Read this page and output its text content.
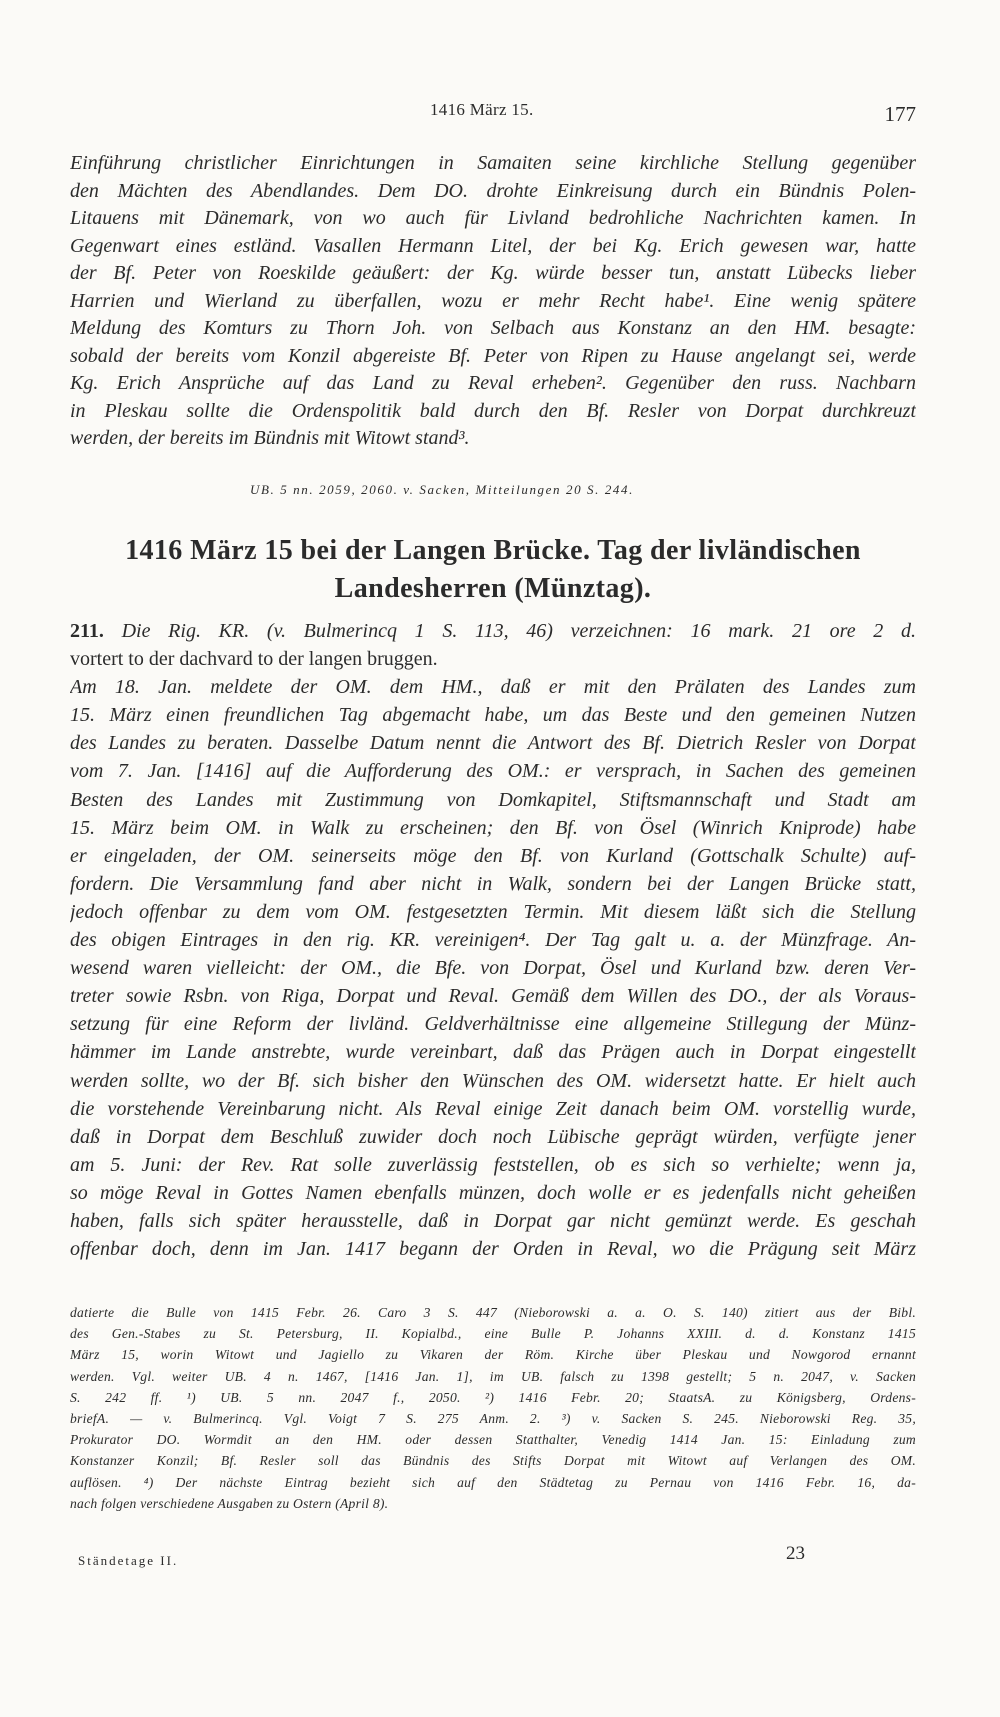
1416 März 15.	177
Einführung christlicher Einrichtungen in Samaiten seine kirchliche Stellung gegenüber
den Mächten des Abendlandes. Dem DO. drohte Einkreisung durch ein Bündnis Polen-
Litauens mit Dänemark, von wo auch für Livland bedrohliche Nachrichten kamen. In
Gegenwart eines estländ. Vasallen Hermann Litel, der bei Kg. Erich gewesen war, hatte
der Bf. Peter von Roeskilde geäußert: der Kg. würde besser tun, anstatt Lübecks lieber
Harrien und Wierland zu überfallen, wozu er mehr Recht habe¹. Eine wenig spätere
Meldung des Komturs zu Thorn Joh. von Selbach aus Konstanz an den HM. besagte:
sobald der bereits vom Konzil abgereiste Bf. Peter von Ripen zu Hause angelangt sei, werde
Kg. Erich Ansprüche auf das Land zu Reval erheben². Gegenüber den russ. Nachbarn
in Pleskau sollte die Ordenspolitik bald durch den Bf. Resler von Dorpat durchkreuzt
werden, der bereits im Bündnis mit Witowt stand³.
UB. 5 nn. 2059, 2060. v. Sacken, Mitteilungen 20 S. 244.
1416 März 15 bei der Langen Brücke. Tag der livländischen
Landesherren (Münztag).
211. Die Rig. KR. (v. Bulmerincq 1 S. 113, 46) verzeichnen: 16 mark. 21 ore 2 d.
vortert to der dachvard to der langen bruggen.
Am 18. Jan. meldete der OM. dem HM., daß er mit den Prälaten des Landes zum
15. März einen freundlichen Tag abgemacht habe, um das Beste und den gemeinen Nutzen
des Landes zu beraten. Dasselbe Datum nennt die Antwort des Bf. Dietrich Resler von Dorpat
vom 7. Jan. [1416] auf die Aufforderung des OM.: er versprach, in Sachen des gemeinen
Besten des Landes mit Zustimmung von Domkapitel, Stiftsmannschaft und Stadt am
15. März beim OM. in Walk zu erscheinen; den Bf. von Ösel (Winrich Kniprode) habe
er eingeladen, der OM. seinerseits möge den Bf. von Kurland (Gottschalk Schulte) auf-
fordern. Die Versammlung fand aber nicht in Walk, sondern bei der Langen Brücke statt,
jedoch offenbar zu dem vom OM. festgesetzten Termin. Mit diesem läßt sich die Stellung
des obigen Eintrages in den rig. KR. vereinigen⁴. Der Tag galt u. a. der Münzfrage. An-
wesend waren vielleicht: der OM., die Bfe. von Dorpat, Ösel und Kurland bzw. deren Ver-
treter sowie Rsbn. von Riga, Dorpat und Reval. Gemäß dem Willen des DO., der als Voraus-
setzung für eine Reform der livländ. Geldverhältnisse eine allgemeine Stillegung der Münz-
hämmer im Lande anstrebte, wurde vereinbart, daß das Prägen auch in Dorpat eingestellt
werden sollte, wo der Bf. sich bisher den Wünschen des OM. widersetzt hatte. Er hielt auch
die vorstehende Vereinbarung nicht. Als Reval einige Zeit danach beim OM. vorstellig wurde,
daß in Dorpat dem Beschluß zuwider doch noch Lübische geprägt würden, verfügte jener
am 5. Juni: der Rev. Rat solle zuverlässig feststellen, ob es sich so verhielte; wenn ja,
so möge Reval in Gottes Namen ebenfalls münzen, doch wolle er es jedenfalls nicht geheißen
haben, falls sich später herausstelle, daß in Dorpat gar nicht gemünzt werde. Es geschah
offenbar doch, denn im Jan. 1417 begann der Orden in Reval, wo die Prägung seit März
datierte die Bulle von 1415 Febr. 26. Caro 3 S. 447 (Nieborowski a. a. O. S. 140) zitiert aus der Bibl.
des Gen.-Stabes zu St. Petersburg, II. Kopialbd., eine Bulle P. Johanns XXIII. d. d. Konstanz 1415
März 15, worin Witowt und Jagiello zu Vikaren der Röm. Kirche über Pleskau und Nowgorod ernannt
werden. Vgl. weiter UB. 4 n. 1467, [1416 Jan. 1], im UB. falsch zu 1398 gestellt; 5 n. 2047, v. Sacken
S. 242 ff. ¹) UB. 5 nn. 2047 f., 2050. ²) 1416 Febr. 20; StaatsA. zu Königsberg, Ordens-
briefA. — v. Bulmerincq. Vgl. Voigt 7 S. 275 Anm. 2. ³) v. Sacken S. 245. Nieborowski Reg. 35,
Prokurator DO. Wormdit an den HM. oder dessen Statthalter, Venedig 1414 Jan. 15: Einladung zum
Konstanzer Konzil; Bf. Resler soll das Bündnis des Stifts Dorpat mit Witowt auf Verlangen des OM.
auflösen. ⁴) Der nächste Eintrag bezieht sich auf den Städtetag zu Pernau von 1416 Febr. 16, da-
nach folgen verschiedene Ausgaben zu Ostern (April 8).
Ständetage II.	23
